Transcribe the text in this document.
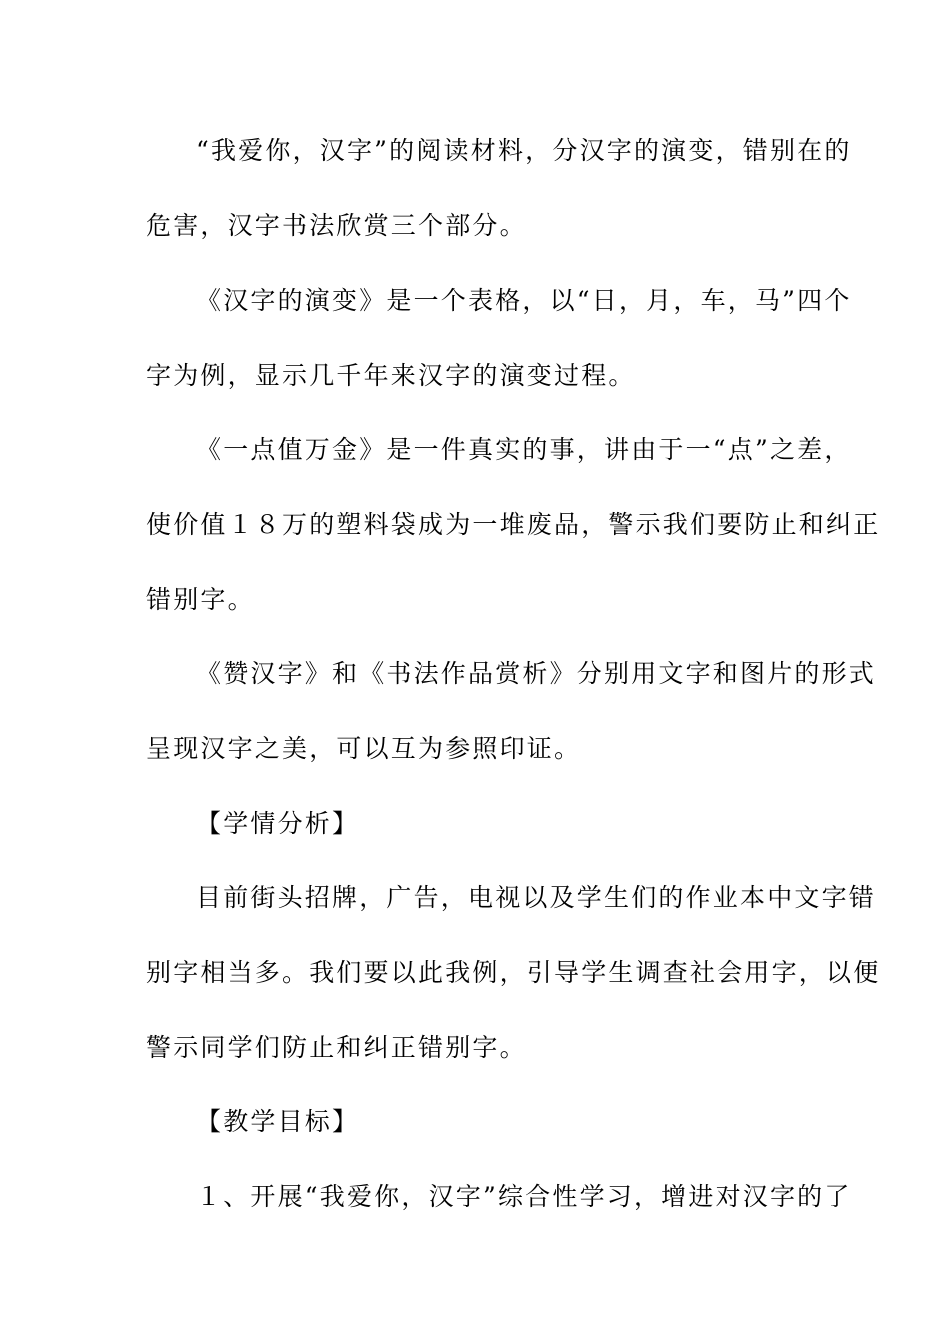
“我爱你，汉字”的阅读材料，分汉字的演变，错别在的
危害，汉字书法欣赏三个部分。
《汉字的演变》是一个表格，以“日，月，车，马”四个
字为例，显示几千年来汉字的演变过程。
《一点值万金》是一件真实的事，讲由于一“点”之差，
使价值１８万的塑料袋成为一堆废品，警示我们要防止和纠正
错别字。
《赞汉字》和《书法作品赏析》分别用文字和图片的形式
呈现汉字之美，可以互为参照印证。
【学情分析】
目前街头招牌，广告，电视以及学生们的作业本中文字错
别字相当多。我们要以此我例，引导学生调查社会用字，以便
警示同学们防止和纠正错别字。
【教学目标】
１、开展“我爱你，汉字”综合性学习，增进对汉字的了
